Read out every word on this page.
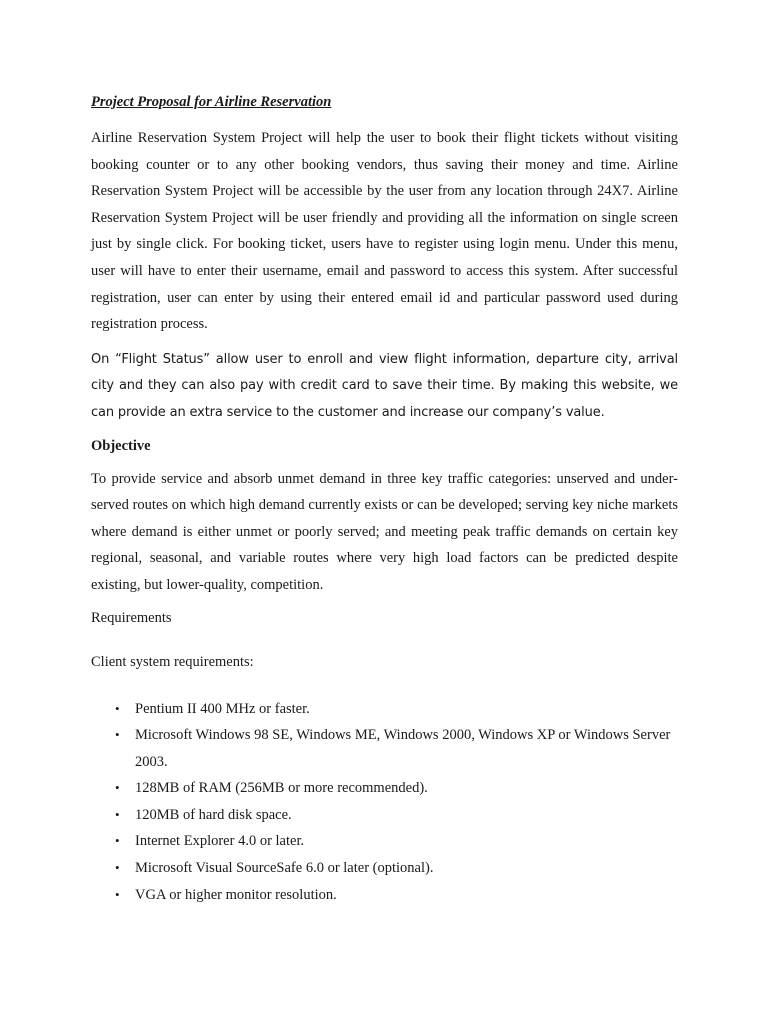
Project Proposal for Airline Reservation

Airline Reservation System Project will help the user to book their flight tickets without visiting booking counter or to any other booking vendors, thus saving their money and time. Airline Reservation System Project will be accessible by the user from any location through 24X7. Airline Reservation System Project will be user friendly and providing all the information on single screen just by single click. For booking ticket, users have to register using login menu. Under this menu, user will have to enter their username, email and password to access this system. After successful registration, user can enter by using their entered email id and particular password used during registration process.

On “Flight Status” allow user to enroll and view flight information, departure city, arrival city and they can also pay with credit card to save their time. By making this website, we can provide an extra service to the customer and increase our company’s value.

Objective

To provide service and absorb unmet demand in three key traffic categories: unserved and under-served routes on which high demand currently exists or can be developed; serving key niche markets where demand is either unmet or poorly served; and meeting peak traffic demands on certain key regional, seasonal, and variable routes where very high load factors can be predicted despite existing, but lower-quality, competition.

Requirements

Client system requirements:

• Pentium II 400 MHz or faster.
• Microsoft Windows 98 SE, Windows ME, Windows 2000, Windows XP or Windows Server 2003.
• 128MB of RAM (256MB or more recommended).
• 120MB of hard disk space.
• Internet Explorer 4.0 or later.
• Microsoft Visual SourceSafe 6.0 or later (optional).
• VGA or higher monitor resolution.
